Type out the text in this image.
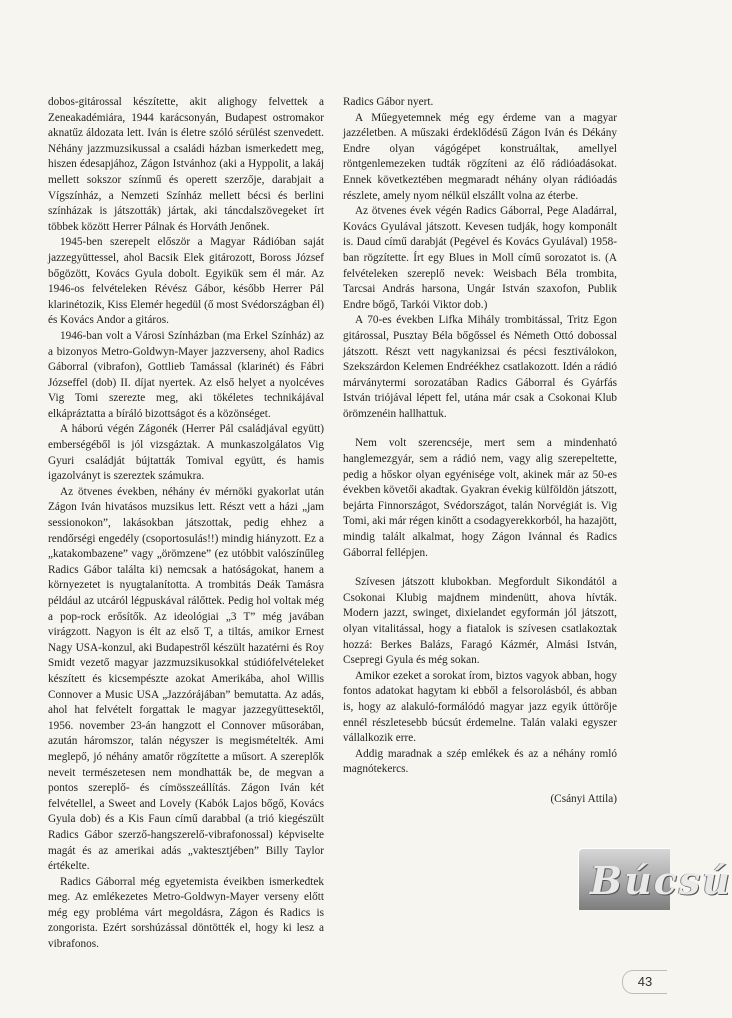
dobos-gitárossal készítette, akit alighogy felvettek a Zeneakadémiára, 1944 karácsonyán, Budapest ostromakor aknatűz áldozata lett. Iván is életre szóló sérülést szenvedett. Néhány jazzmuzsikussal a családi házban ismerkedett meg, hiszen édesapjához, Zágon Istvánhoz (aki a Hyppolit, a lakáj mellett sokszor színmű és operett szerzője, darabjait a Vígszínház, a Nemzeti Színház mellett bécsi és berlini színházak is játszották) jártak, aki táncdalszövegeket írt többek között Herrer Pálnak és Horváth Jenőnek.

1945-ben szerepelt először a Magyar Rádióban saját jazzegyüttessel, ahol Bacsik Elek gitározott, Boross József bőgözött, Kovács Gyula dobolt. Egyikük sem él már. Az 1946-os felvételeken Révész Gábor, később Herrer Pál klarinétozik, Kiss Elemér hegedül (ő most Svédországban él) és Kovács Andor a gitáros.

1946-ban volt a Városi Színházban (ma Erkel Színház) az a bizonyos Metro-Goldwyn-Mayer jazzverseny, ahol Radics Gáborral (vibrafon), Gottlieb Tamással (klarinét) és Fábri Józseffel (dob) II. díjat nyertek. Az első helyet a nyolcéves Vig Tomi szerezte meg, aki tökéletes technikájával elkápráztatta a bíráló bizottságot és a közönséget.

A háború végén Zágonék (Herrer Pál családjával együtt) emberségéből is jól vizsgáztak. A munkaszolgálatos Vig Gyuri családját bújtatták Tomival együtt, és hamis igazolványt is szereztek számukra.

Az ötvenes években, néhány év mérnöki gyakorlat után Zágon Iván hivatásos muzsikus lett. Részt vett a házi „jam sessionokon”, lakásokban játszottak, pedig ehhez a rendőrségi engedély (csoportosulás!!) mindig hiányzott. Ez a „katakombazene” vagy „örömzene” (ez utóbbit valószínűleg Radics Gábor találta ki) nemcsak a hatóságokat, hanem a környezetet is nyugtalanította. A trombitás Deák Tamásra például az utcáról légpuskával rálőttek. Pedig hol voltak még a pop-rock erősítők. Az ideológiai „3 T” még javában virágzott. Nagyon is élt az első T, a tiltás, amikor Ernest Nagy USA-konzul, aki Budapestről készült hazatérni és Roy Smidt vezető magyar jazzmuzsikusokkal stúdiófelvételeket készített és kicsempészte azokat Amerikába, ahol Willis Connover a Music USA „Jazzórájában” bemutatta. Az adás, ahol hat felvételt forgattak le magyar jazzegyüttesektől, 1956. november 23-án hangzott el Connover műsorában, azután háromszor, talán négyszer is megismételték. Ami meglepő, jó néhány amatőr rögzítette a műsort. A szereplők neveit természetesen nem mondhatták be, de megvan a pontos szereplő- és címösszeállítás. Zágon Iván két felvétellel, a Sweet and Lovely (Kabók Lajos bőgő, Kovács Gyula dob) és a Kis Faun című darabbal (a trió kiegészült Radics Gábor szerző-hangszerelő-vibrafonossal) képviselte magát és az amerikai adás „vaktesztjében” Billy Taylor értékelte.

Radics Gáborral még egyetemista éveikben ismerkedtek meg. Az emlékezetes Metro-Goldwyn-Mayer verseny előtt még egy probléma várt megoldásra, Zágon és Radics is zongorista. Ezért sorshúzással döntötték el, hogy ki lesz a vibrafonos.

Radics Gábor nyert.

A Műegyetemnek még egy érdeme van a magyar jazzéletben. A műszaki érdeklődésű Zágon Iván és Dékány Endre olyan vágógépet konstruáltak, amellyel röntgenlemezeken tudták rögzíteni az élő rádióadásokat. Ennek következtében megmaradt néhány olyan rádióadás részlete, amely nyom nélkül elszállt volna az éterbe.

Az ötvenes évek végén Radics Gáborral, Pege Aladárral, Kovács Gyulával játszott. Kevesen tudják, hogy komponált is. Daud című darabját (Pegével és Kovács Gyulával) 1958-ban rögzítette. Írt egy Blues in Moll című sorozatot is. (A felvételeken szereplő nevek: Weisbach Béla trombita, Tarcsai András harsona, Ungár István szaxofon, Publik Endre bőgő, Tarkói Viktor dob.)

A 70-es években Lifka Mihály trombitással, Tritz Egon gitárossal, Pusztay Béla bőgőssel és Németh Ottó dobossal játszott. Részt vett nagykanizsai és pécsi fesztiválokon, Szekszárdon Kelemen Endréékhez csatlakozott. Idén a rádió márványtermi sorozatában Radics Gáborral és Gyárfás István triójával lépett fel, utána már csak a Csokonai Klub örömzenéin hallhattuk.

Nem volt szerencséje, mert sem a mindenható hanglemezgyár, sem a rádió nem, vagy alig szerepeltette, pedig a hőskor olyan egyénisége volt, akinek már az 50-es években követői akadtak. Gyakran évekig külföldön játszott, bejárta Finnországot, Svédországot, talán Norvégiát is. Vig Tomi, aki már régen kinőtt a csodagyerekkorból, ha hazajött, mindig talált alkalmat, hogy Zágon Ivánnal és Radics Gáborral fellépjen.

Szívesen játszott klubokban. Megfordult Sikondától a Csokonai Klubig majdnem mindenütt, ahova hívták. Modern jazzt, swinget, dixielandet egyformán jól játszott, olyan vitalitással, hogy a fiatalok is szívesen csatlakoztak hozzá: Berkes Balázs, Faragó Kázmér, Almási István, Csepregi Gyula és még sokan.

Amikor ezeket a sorokat írom, biztos vagyok abban, hogy fontos adatokat hagytam ki ebből a felsorolásból, és abban is, hogy az alakuló-formálódó magyar jazz egyik úttörője ennél részletesebb búcsút érdemelne. Talán valaki egyszer vállalkozik erre.

Addig maradnak a szép emlékek és az a néhány romló magnótekercs.

(Csányi Attila)

Búcsú
43
